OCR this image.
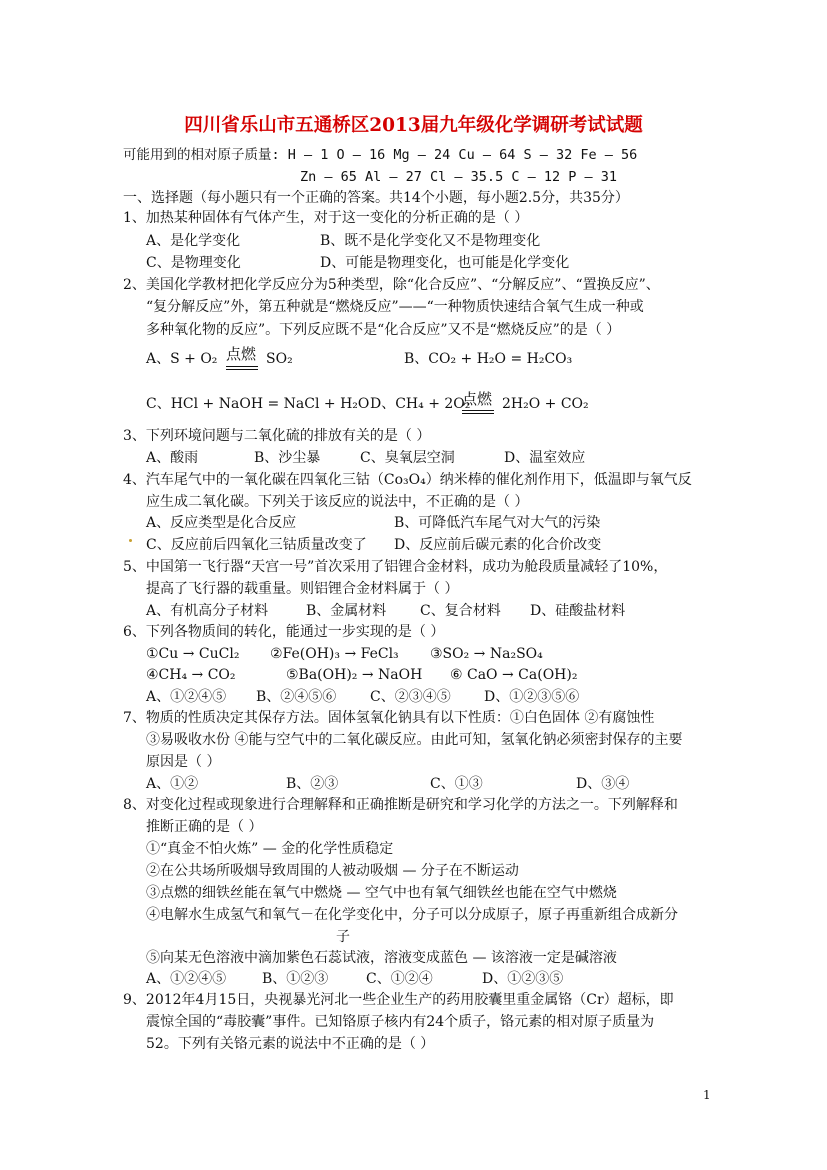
四川省乐山市五通桥区2013届九年级化学调研考试试题
可能用到的相对原子质量: H – 1 O – 16 Mg – 24 Cu – 64 S – 32 Fe – 56
Zn – 65 Al – 27 Cl – 35.5 C – 12 P – 31
一、选择题（每小题只有一个正确的答案。共14个小题，每小题2.5分，共35分）
1、加热某种固体有气体产生，对于这一变化的分析正确的是（ ）
A、是化学变化	B、既不是化学变化又不是物理变化
C、是物理变化	D、可能是物理变化，也可能是化学变化
2、美国化学教材把化学反应分为5种类型，除“化合反应”、“分解反应”、“置换反应”、
“复分解反应”外，第五种就是“燃烧反应”——“一种物质快速结合氧气生成一种或
多种氧化物的反应”。下列反应既不是“化合反应”又不是“燃烧反应”的是（ ）
A、S + O₂ 点燃 SO₂	B、CO₂ + H₂O = H₂CO₃
C、HCl + NaOH = NaCl + H₂O D、CH₄ + 2O₂
点燃 2H₂O + CO₂
3、下列环境问题与二氧化硫的排放有关的是（ ）
A、酸雨	B、沙尘暴	C、臭氧层空洞	D、温室效应
4、汽车尾气中的一氧化碳在四氧化三钴（Co₃O₄）纳米棒的催化剂作用下，低温即与氧气反
应生成二氧化碳。下列关于该反应的说法中，不正确的是（ ）
A、反应类型是化合反应	B、可降低汽车尾气对大气的污染
C、反应前后四氧化三钴质量改变了 D、反应前后碳元素的化合价改变
5、中国第一飞行器“天宫一号”首次采用了铝锂合金材料，成功为舱段质量减轻了10%，
提高了飞行器的载重量。则铝锂合金材料属于（ ）
A、有机高分子材料	B、金属材料 C、复合材料 D、硅酸盐材料
6、下列各物质间的转化，能通过一步实现的是（ ）
①Cu → CuCl₂ ②Fe(OH)₃ → FeCl₃ ③SO₂ → Na₂SO₄
④CH₄ → CO₂	⑤Ba(OH)₂ → NaOH ⑥ CaO → Ca(OH)₂
A、①②④⑤ B、②④⑤⑥ C、②③④⑤ D、①②③⑤⑥
7、物质的性质决定其保存方法。固体氢氧化钠具有以下性质：①白色固体 ②有腐蚀性
③易吸收水份 ④能与空气中的二氧化碳反应。由此可知，氢氧化钠必须密封保存的主要
原因是（ ）
A、①②	B、②③	C、①③	D、③④
8、对变化过程或现象进行合理解释和正确推断是研究和学习化学的方法之一。下列解释和
推断正确的是（ ）
①“真金不怕火炼” — 金的化学性质稳定
②在公共场所吸烟导致周围的人被动吸烟 — 分子在不断运动
③点燃的细铁丝能在氧气中燃烧 — 空气中也有氧气细铁丝也能在空气中燃烧
④电解水生成氢气和氧气－在化学变化中，分子可以分成原子，原子再重新组合成新分
子
⑤向某无色溶液中滴加紫色石蕊试液，溶液变成蓝色 — 该溶液一定是碱溶液
A、①②④⑤	B、①②③	C、①②④	D、①②③⑤
9、2012年4月15日，央视暴光河北一些企业生产的药用胶囊里重金属铬（Cr）超标，即
震惊全国的“毒胶囊”事件。已知铬原子核内有24个质子，铬元素的相对原子质量为
52。下列有关铬元素的说法中不正确的是（ ）
1
